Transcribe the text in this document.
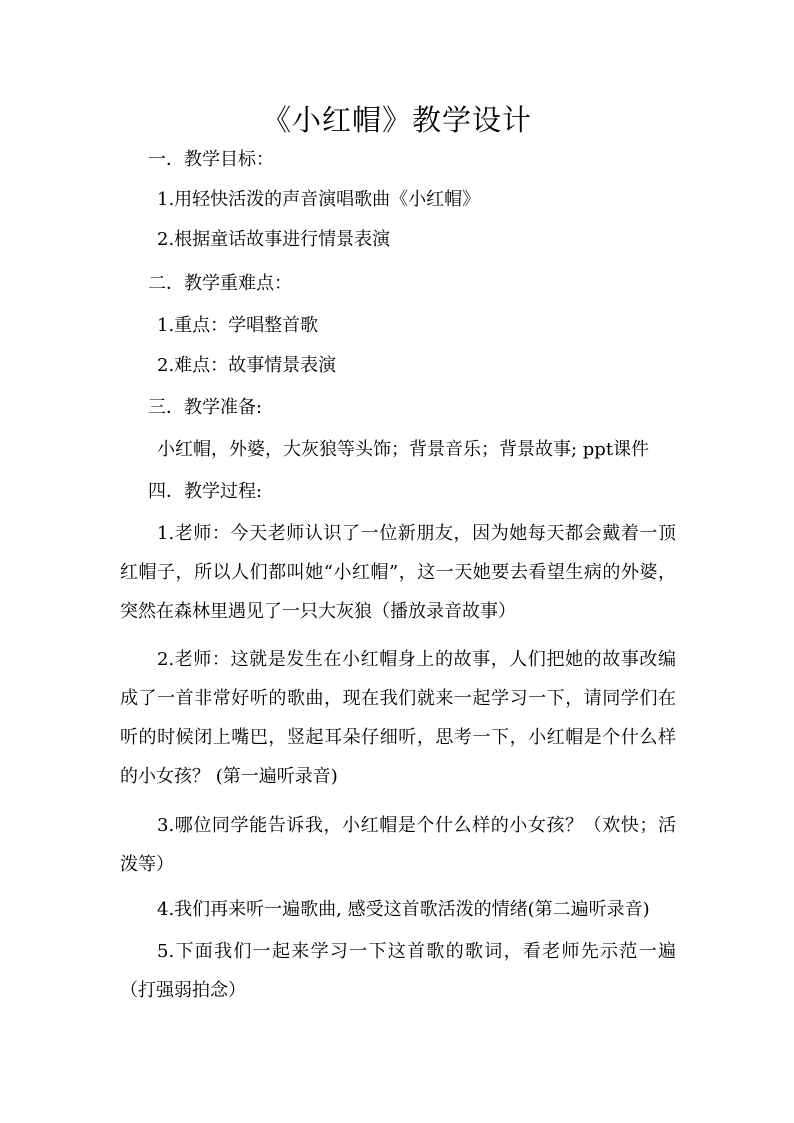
《小红帽》教学设计
一．教学目标：
1.用轻快活泼的声音演唱歌曲《小红帽》
2.根据童话故事进行情景表演
二．教学重难点：
1.重点：学唱整首歌
2.难点：故事情景表演
三．教学准备:
小红帽，外婆，大灰狼等头饰；背景音乐；背景故事; ppt课件
四．教学过程:
1.老师：今天老师认识了一位新朋友，因为她每天都会戴着一顶红帽子，所以人们都叫她“小红帽”，这一天她要去看望生病的外婆，突然在森林里遇见了一只大灰狼（播放录音故事）
2.老师：这就是发生在小红帽身上的故事，人们把她的故事改编成了一首非常好听的歌曲，现在我们就来一起学习一下，请同学们在听的时候闭上嘴巴，竖起耳朵仔细听，思考一下，小红帽是个什么样的小女孩？ (第一遍听录音)
3.哪位同学能告诉我，小红帽是个什么样的小女孩？（欢快；活泼等）
4.我们再来听一遍歌曲, 感受这首歌活泼的情绪(第二遍听录音)
5.下面我们一起来学习一下这首歌的歌词，看老师先示范一遍（打强弱拍念）
